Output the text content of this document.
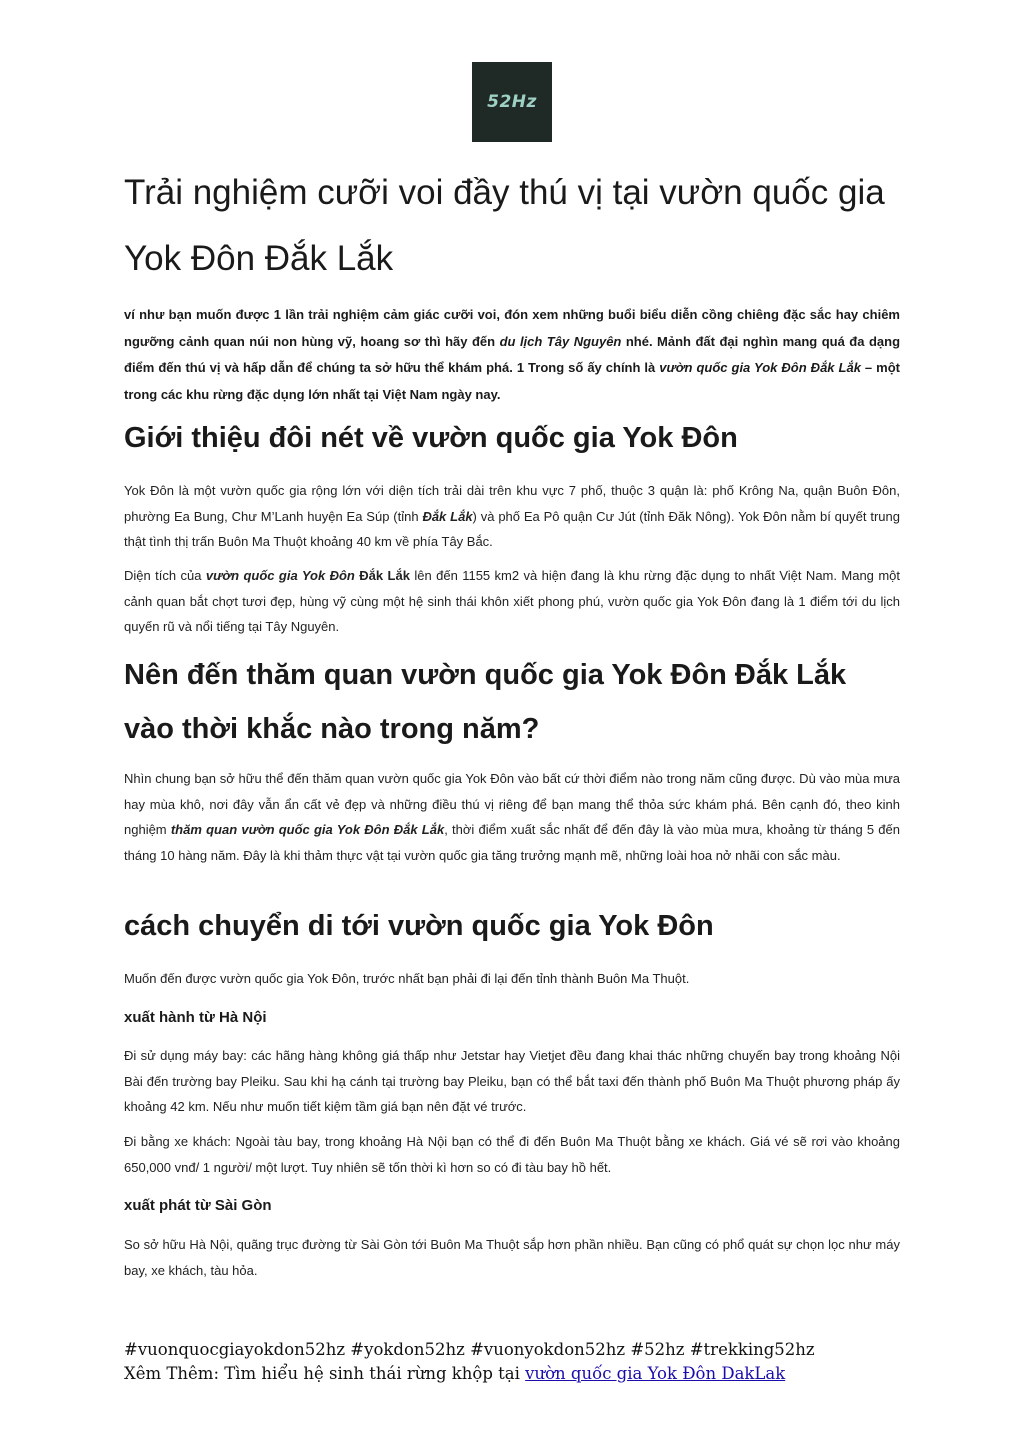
52Hz
Trải nghiệm cưỡi voi đầy thú vị tại vườn quốc gia Yok Đôn Đắk Lắk

ví như bạn muốn được 1 lần trải nghiệm cảm giác cưỡi voi, đón xem những buổi biểu diễn cồng chiêng đặc sắc hay chiêm ngưỡng cảnh quan núi non hùng vỹ, hoang sơ thì hãy đến du lịch Tây Nguyên nhé. Mảnh đất đại nghìn mang quá đa dạng điểm đến thú vị và hấp dẫn để chúng ta sở hữu thể khám phá. 1 Trong số ấy chính là vườn quốc gia Yok Đôn Đắk Lắk – một trong các khu rừng đặc dụng lớn nhất tại Việt Nam ngày nay.

Giới thiệu đôi nét về vườn quốc gia Yok Đôn

Yok Đôn là một vườn quốc gia rộng lớn với diện tích trải dài trên khu vực 7 phố, thuộc 3 quận là: phố Krông Na, quận Buôn Đôn, phường Ea Bung, Chư M’Lanh huyện Ea Súp (tỉnh Đắk Lắk) và phố Ea Pô quận Cư Jút (tỉnh Đăk Nông). Yok Đôn nằm bí quyết trung thật tình thị trấn Buôn Ma Thuột khoảng 40 km về phía Tây Bắc.

Diện tích của vườn quốc gia Yok Đôn Đắk Lắk lên đến 1155 km2 và hiện đang là khu rừng đặc dụng to nhất Việt Nam. Mang một cảnh quan bắt chợt tươi đẹp, hùng vỹ cùng một hệ sinh thái khôn xiết phong phú, vườn quốc gia Yok Đôn đang là 1 điểm tới du lịch quyến rũ và nổi tiếng tại Tây Nguyên.

Nên đến thăm quan vườn quốc gia Yok Đôn Đắk Lắk
vào thời khắc nào trong năm?

Nhìn chung bạn sở hữu thể đến thăm quan vườn quốc gia Yok Đôn vào bất cứ thời điểm nào trong năm cũng được. Dù vào mùa mưa hay mùa khô, nơi đây vẫn ẩn cất vẻ đẹp và những điều thú vị riêng để bạn mang thể thỏa sức khám phá. Bên cạnh đó, theo kinh nghiệm thăm quan vườn quốc gia Yok Đôn Đắk Lắk, thời điểm xuất sắc nhất để đến đây là vào mùa mưa, khoảng từ tháng 5 đến tháng 10 hàng năm. Đây là khi thảm thực vật tại vườn quốc gia tăng trưởng mạnh mẽ, những loài hoa nở nhãi con sắc màu.

cách chuyển di tới vườn quốc gia Yok Đôn

Muốn đến được vườn quốc gia Yok Đôn, trước nhất bạn phải đi lại đến tỉnh thành Buôn Ma Thuột.

xuất hành từ Hà Nội

Đi sử dụng máy bay: các hãng hàng không giá thấp như Jetstar hay Vietjet đều đang khai thác những chuyến bay trong khoảng Nội Bài đến trường bay Pleiku. Sau khi hạ cánh tại trường bay Pleiku, bạn có thể bắt taxi đến thành phố Buôn Ma Thuột phương pháp ấy khoảng 42 km. Nếu như muốn tiết kiệm tầm giá bạn nên đặt vé trước.

Đi bằng xe khách: Ngoài tàu bay, trong khoảng Hà Nội bạn có thể đi đến Buôn Ma Thuột bằng xe khách. Giá vé sẽ rơi vào khoảng 650,000 vnđ/ 1 người/ một lượt. Tuy nhiên sẽ tốn thời kì hơn so có đi tàu bay hồ hết.

xuất phát từ Sài Gòn

So sở hữu Hà Nội, quãng trục đường từ Sài Gòn tới Buôn Ma Thuột sắp hơn phần nhiều. Bạn cũng có phổ quát sự chọn lọc như máy bay, xe khách, tàu hỏa.

#vuonquocgiayokdon52hz #yokdon52hz #vuonyokdon52hz #52hz #trekking52hz
Xêm Thêm: Tìm hiểu hệ sinh thái rừng khộp tại vườn quốc gia Yok Đôn DakLak
